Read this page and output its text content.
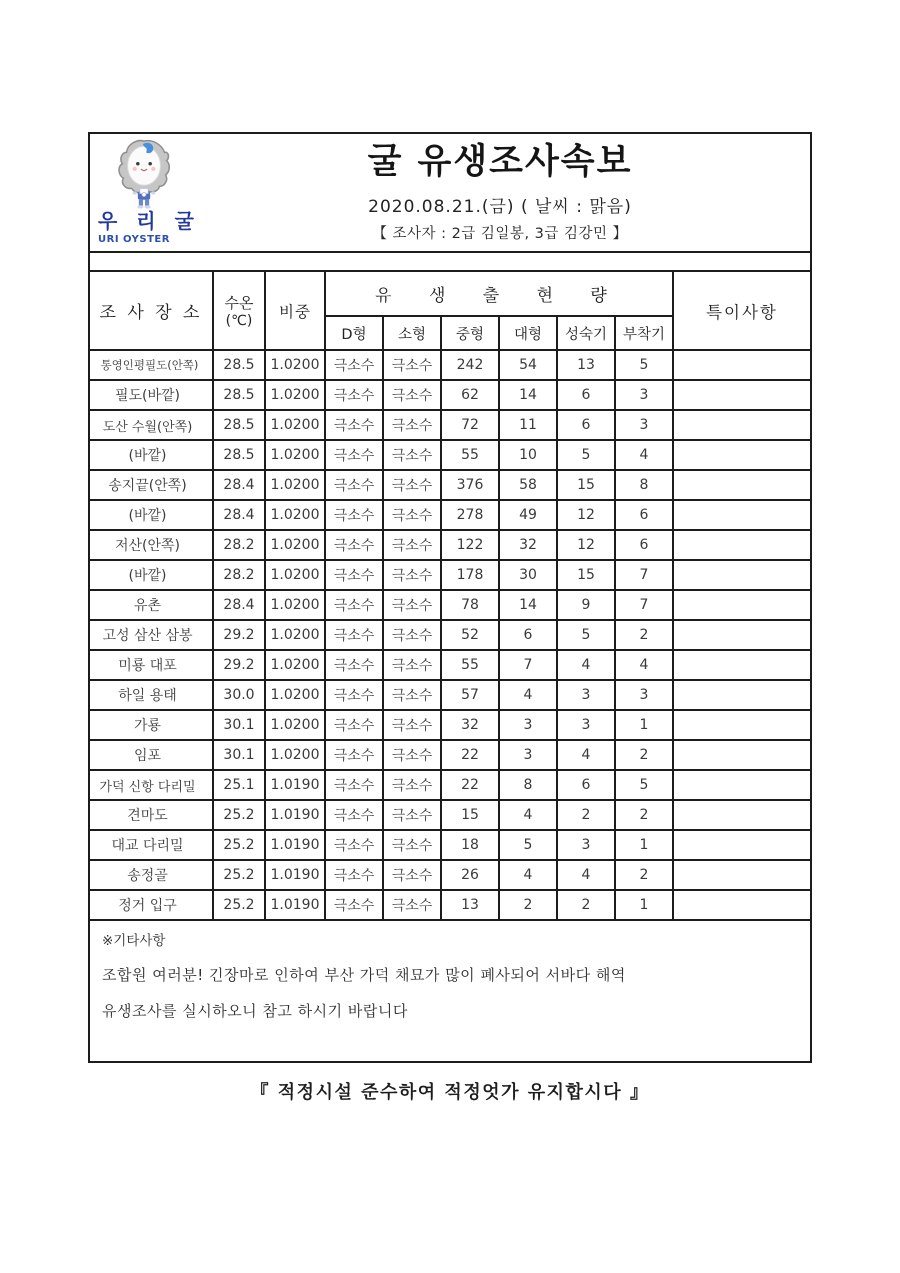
우 리 굴
URI OYSTER
굴 유생조사속보
2020.08.21.(금) ( 날씨 : 맑음)
【 조사자 : 2급 김일봉, 3급 김강민 】
조 사 장 소	수온
(℃)	비중	유 생 출 현 량						특이사항
			D형	소형	중형	대형	성숙기	부착기	
통영인평필도(안쪽)	28.5	1.0200	극소수	극소수	242	54	13	5	
필도(바깥)	28.5	1.0200	극소수	극소수	62	14	6	3	
도산 수월(안쪽)	28.5	1.0200	극소수	극소수	72	11	6	3	
(바깥)	28.5	1.0200	극소수	극소수	55	10	5	4	
송지끝(안쪽)	28.4	1.0200	극소수	극소수	376	58	15	8	
(바깥)	28.4	1.0200	극소수	극소수	278	49	12	6	
저산(안쪽)	28.2	1.0200	극소수	극소수	122	32	12	6	
(바깥)	28.2	1.0200	극소수	극소수	178	30	15	7	
유촌	28.4	1.0200	극소수	극소수	78	14	9	7	
고성 삼산 삼봉	29.2	1.0200	극소수	극소수	52	6	5	2	
미룡 대포	29.2	1.0200	극소수	극소수	55	7	4	4	
하일 용태	30.0	1.0200	극소수	극소수	57	4	3	3	
가룡	30.1	1.0200	극소수	극소수	32	3	3	1	
임포	30.1	1.0200	극소수	극소수	22	3	4	2	
가덕 신항 다리밀	25.1	1.0190	극소수	극소수	22	8	6	5	
견마도	25.2	1.0190	극소수	극소수	15	4	2	2	
대교 다리밀	25.2	1.0190	극소수	극소수	18	5	3	1	
송정골	25.2	1.0190	극소수	극소수	26	4	4	2	
정거 입구	25.2	1.0190	극소수	극소수	13	2	2	1	
※기타사항
조합원 여러분! 긴장마로 인하여 부산 가덕 채묘가 많이 폐사되어 서바다 해역
유생조사를 실시하오니 참고 하시기 바랍니다
『 적정시설 준수하여 적정엇가 유지합시다 』
